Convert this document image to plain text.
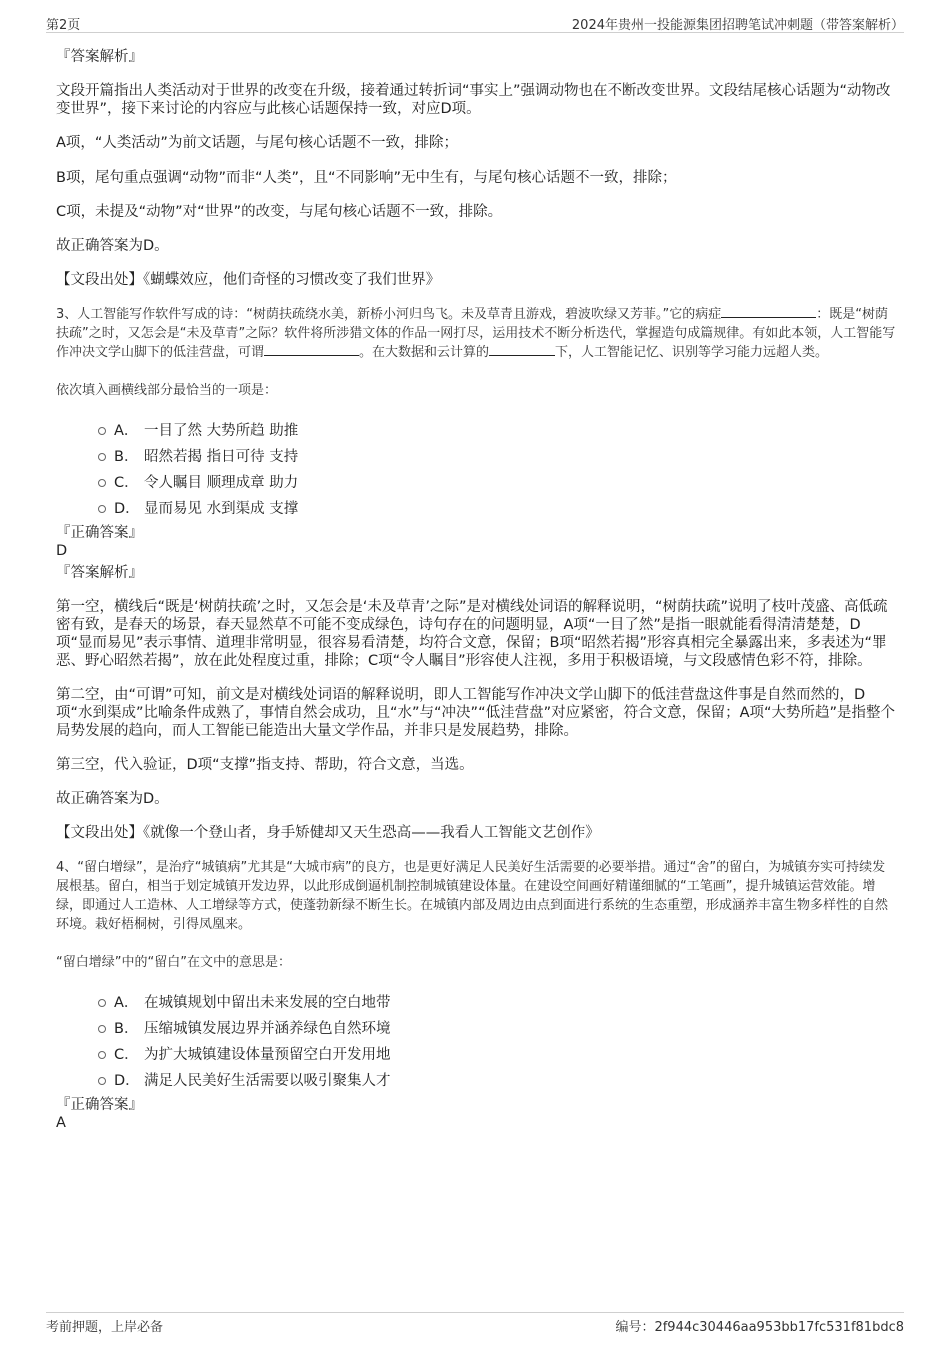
第2页	2024年贵州一投能源集团招聘笔试冲刺题（带答案解析）

『答案解析』

文段开篇指出人类活动对于世界的改变在升级，接着通过转折词“事实上”强调动物也在不断改变世界。文段结尾核心话题为“动物改变世界”，接下来讨论的内容应与此核心话题保持一致，对应D项。

A项，“人类活动”为前文话题，与尾句核心话题不一致，排除；

B项，尾句重点强调“动物”而非“人类”，且“不同影响”无中生有，与尾句核心话题不一致，排除；

C项，未提及“动物”对“世界”的改变，与尾句核心话题不一致，排除。

故正确答案为D。

【文段出处】《蝴蝶效应，他们奇怪的习惯改变了我们世界》

3、人工智能写作软件写成的诗：“树荫扶疏绕水美，新桥小河归鸟飞。未及草青且游戏，碧波吹绿又芳菲。”它的病症	：既是“树荫扶疏”之时，又怎会是“未及草青”之际？软件将所涉猎文体的作品一网打尽，运用技术不断分析迭代，掌握造句成篇规律。有如此本领，人工智能写作冲决文学山脚下的低洼营盘，可谓	。在大数据和云计算的	下，人工智能记忆、识别等学习能力远超人类。

依次填入画横线部分最恰当的一项是：

A． 一目了然 大势所趋 助推
B． 昭然若揭 指日可待 支持
C． 令人瞩目 顺理成章 助力
D． 显而易见 水到渠成 支撑

『正确答案』

D

『答案解析』

第一空，横线后“既是‘树荫扶疏’之时，又怎会是‘未及草青’之际”是对横线处词语的解释说明，“树荫扶疏”说明了枝叶茂盛、高低疏密有致，是春天的场景，春天显然草不可能不变成绿色，诗句存在的问题明显，A项“一目了然”是指一眼就能看得清清楚楚，D项“显而易见”表示事情、道理非常明显，很容易看清楚，均符合文意，保留；B项“昭然若揭”形容真相完全暴露出来，多表述为“罪恶、野心昭然若揭”，放在此处程度过重，排除；C项“令人瞩目”形容使人注视，多用于积极语境，与文段感情色彩不符，排除。

第二空，由“可谓”可知，前文是对横线处词语的解释说明，即人工智能写作冲决文学山脚下的低洼营盘这件事是自然而然的，D项“水到渠成”比喻条件成熟了，事情自然会成功，且“水”与“冲决”“低洼营盘”对应紧密，符合文意，保留；A项“大势所趋”是指整个局势发展的趋向，而人工智能已能造出大量文学作品，并非只是发展趋势，排除。

第三空，代入验证，D项“支撑”指支持、帮助，符合文意，当选。

故正确答案为D。

【文段出处】《就像一个登山者，身手矫健却又天生恐高——我看人工智能文艺创作》

4、“留白增绿”，是治疗“城镇病”尤其是“大城市病”的良方，也是更好满足人民美好生活需要的必要举措。通过“舍”的留白，为城镇夯实可持续发展根基。留白，相当于划定城镇开发边界，以此形成倒逼机制控制城镇建设体量。在建设空间画好精谨细腻的“工笔画”，提升城镇运营效能。增绿，即通过人工造林、人工增绿等方式，使蓬勃新绿不断生长。在城镇内部及周边由点到面进行系统的生态重塑，形成涵养丰富生物多样性的自然环境。栽好梧桐树，引得凤凰来。

“留白增绿”中的“留白”在文中的意思是：

A． 在城镇规划中留出未来发展的空白地带
B． 压缩城镇发展边界并涵养绿色自然环境
C． 为扩大城镇建设体量预留空白开发用地
D． 满足人民美好生活需要以吸引聚集人才

『正确答案』

A

考前押题，上岸必备	编号：2f944c30446aa953bb17fc531f81bdc8
